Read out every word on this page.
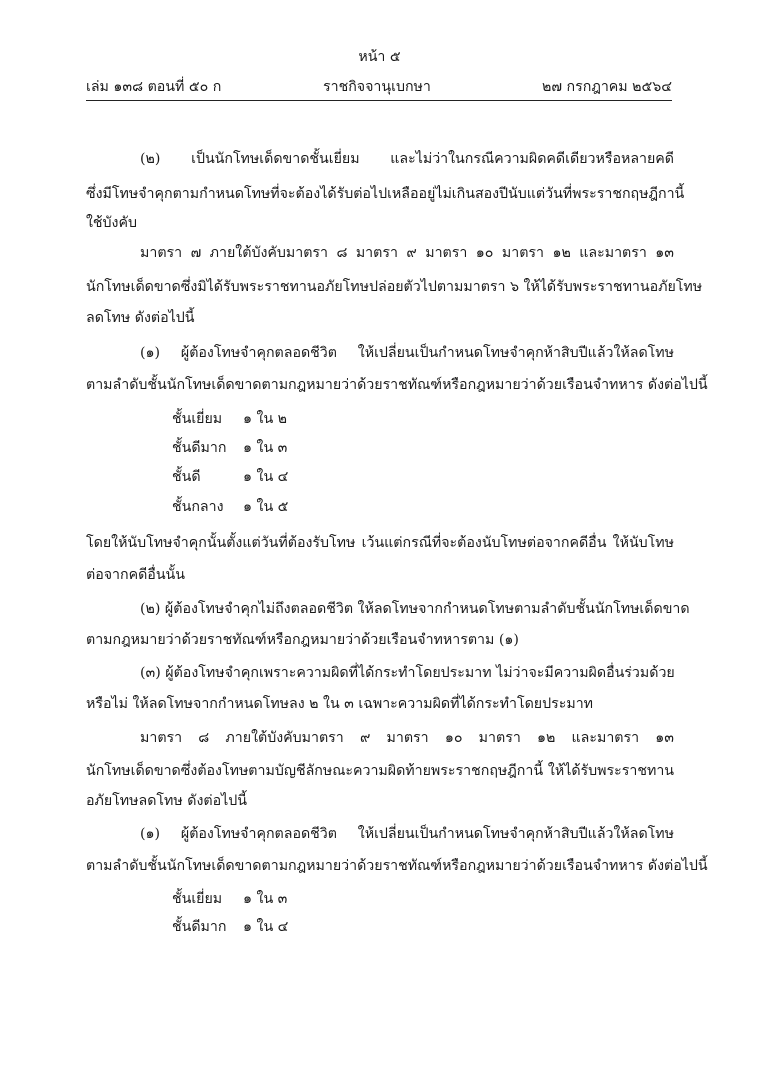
หน้า ๕
เล่ม ๑๓๘ ตอนที่ ๕๐ ก	ราชกิจจานุเบกษา	๒๗ กรกฎาคม ๒๕๖๔
(๒) เป็นนักโทษเด็ดขาดชั้นเยี่ยม และไม่ว่าในกรณีความผิดคดีเดียวหรือหลายคดี
ซึ่งมีโทษจำคุกตามกำหนดโทษที่จะต้องได้รับต่อไปเหลืออยู่ไม่เกินสองปีนับแต่วันที่พระราชกฤษฎีกานี้
ใช้บังคับ
มาตรา ๗ ภายใต้บังคับมาตรา ๘ มาตรา ๙ มาตรา ๑๐ มาตรา ๑๒ และมาตรา ๑๓
นักโทษเด็ดขาดซึ่งมิได้รับพระราชทานอภัยโทษปล่อยตัวไปตามมาตรา ๖ ให้ได้รับพระราชทานอภัยโทษ
ลดโทษ ดังต่อไปนี้
(๑) ผู้ต้องโทษจำคุกตลอดชีวิต ให้เปลี่ยนเป็นกำหนดโทษจำคุกห้าสิบปีแล้วให้ลดโทษ
ตามลำดับชั้นนักโทษเด็ดขาดตามกฎหมายว่าด้วยราชทัณฑ์หรือกฎหมายว่าด้วยเรือนจำทหาร ดังต่อไปนี้
ชั้นเยี่ยม ๑ ใน ๒
ชั้นดีมาก ๑ ใน ๓
ชั้นดี	๑ ใน ๔
ชั้นกลาง ๑ ใน ๕
โดยให้นับโทษจำคุกนั้นตั้งแต่วันที่ต้องรับโทษ เว้นแต่กรณีที่จะต้องนับโทษต่อจากคดีอื่น ให้นับโทษ
ต่อจากคดีอื่นนั้น
(๒) ผู้ต้องโทษจำคุกไม่ถึงตลอดชีวิต ให้ลดโทษจากกำหนดโทษตามลำดับชั้นนักโทษเด็ดขาด
ตามกฎหมายว่าด้วยราชทัณฑ์หรือกฎหมายว่าด้วยเรือนจำทหารตาม (๑)
(๓) ผู้ต้องโทษจำคุกเพราะความผิดที่ได้กระทำโดยประมาท ไม่ว่าจะมีความผิดอื่นร่วมด้วย
หรือไม่ ให้ลดโทษจากกำหนดโทษลง ๒ ใน ๓ เฉพาะความผิดที่ได้กระทำโดยประมาท
มาตรา ๘ ภายใต้บังคับมาตรา ๙ มาตรา ๑๐ มาตรา ๑๒ และมาตรา ๑๓
นักโทษเด็ดขาดซึ่งต้องโทษตามบัญชีลักษณะความผิดท้ายพระราชกฤษฎีกานี้ ให้ได้รับพระราชทาน
อภัยโทษลดโทษ ดังต่อไปนี้
(๑) ผู้ต้องโทษจำคุกตลอดชีวิต ให้เปลี่ยนเป็นกำหนดโทษจำคุกห้าสิบปีแล้วให้ลดโทษ
ตามลำดับชั้นนักโทษเด็ดขาดตามกฎหมายว่าด้วยราชทัณฑ์หรือกฎหมายว่าด้วยเรือนจำทหาร ดังต่อไปนี้
ชั้นเยี่ยม ๑ ใน ๓
ชั้นดีมาก ๑ ใน ๔
